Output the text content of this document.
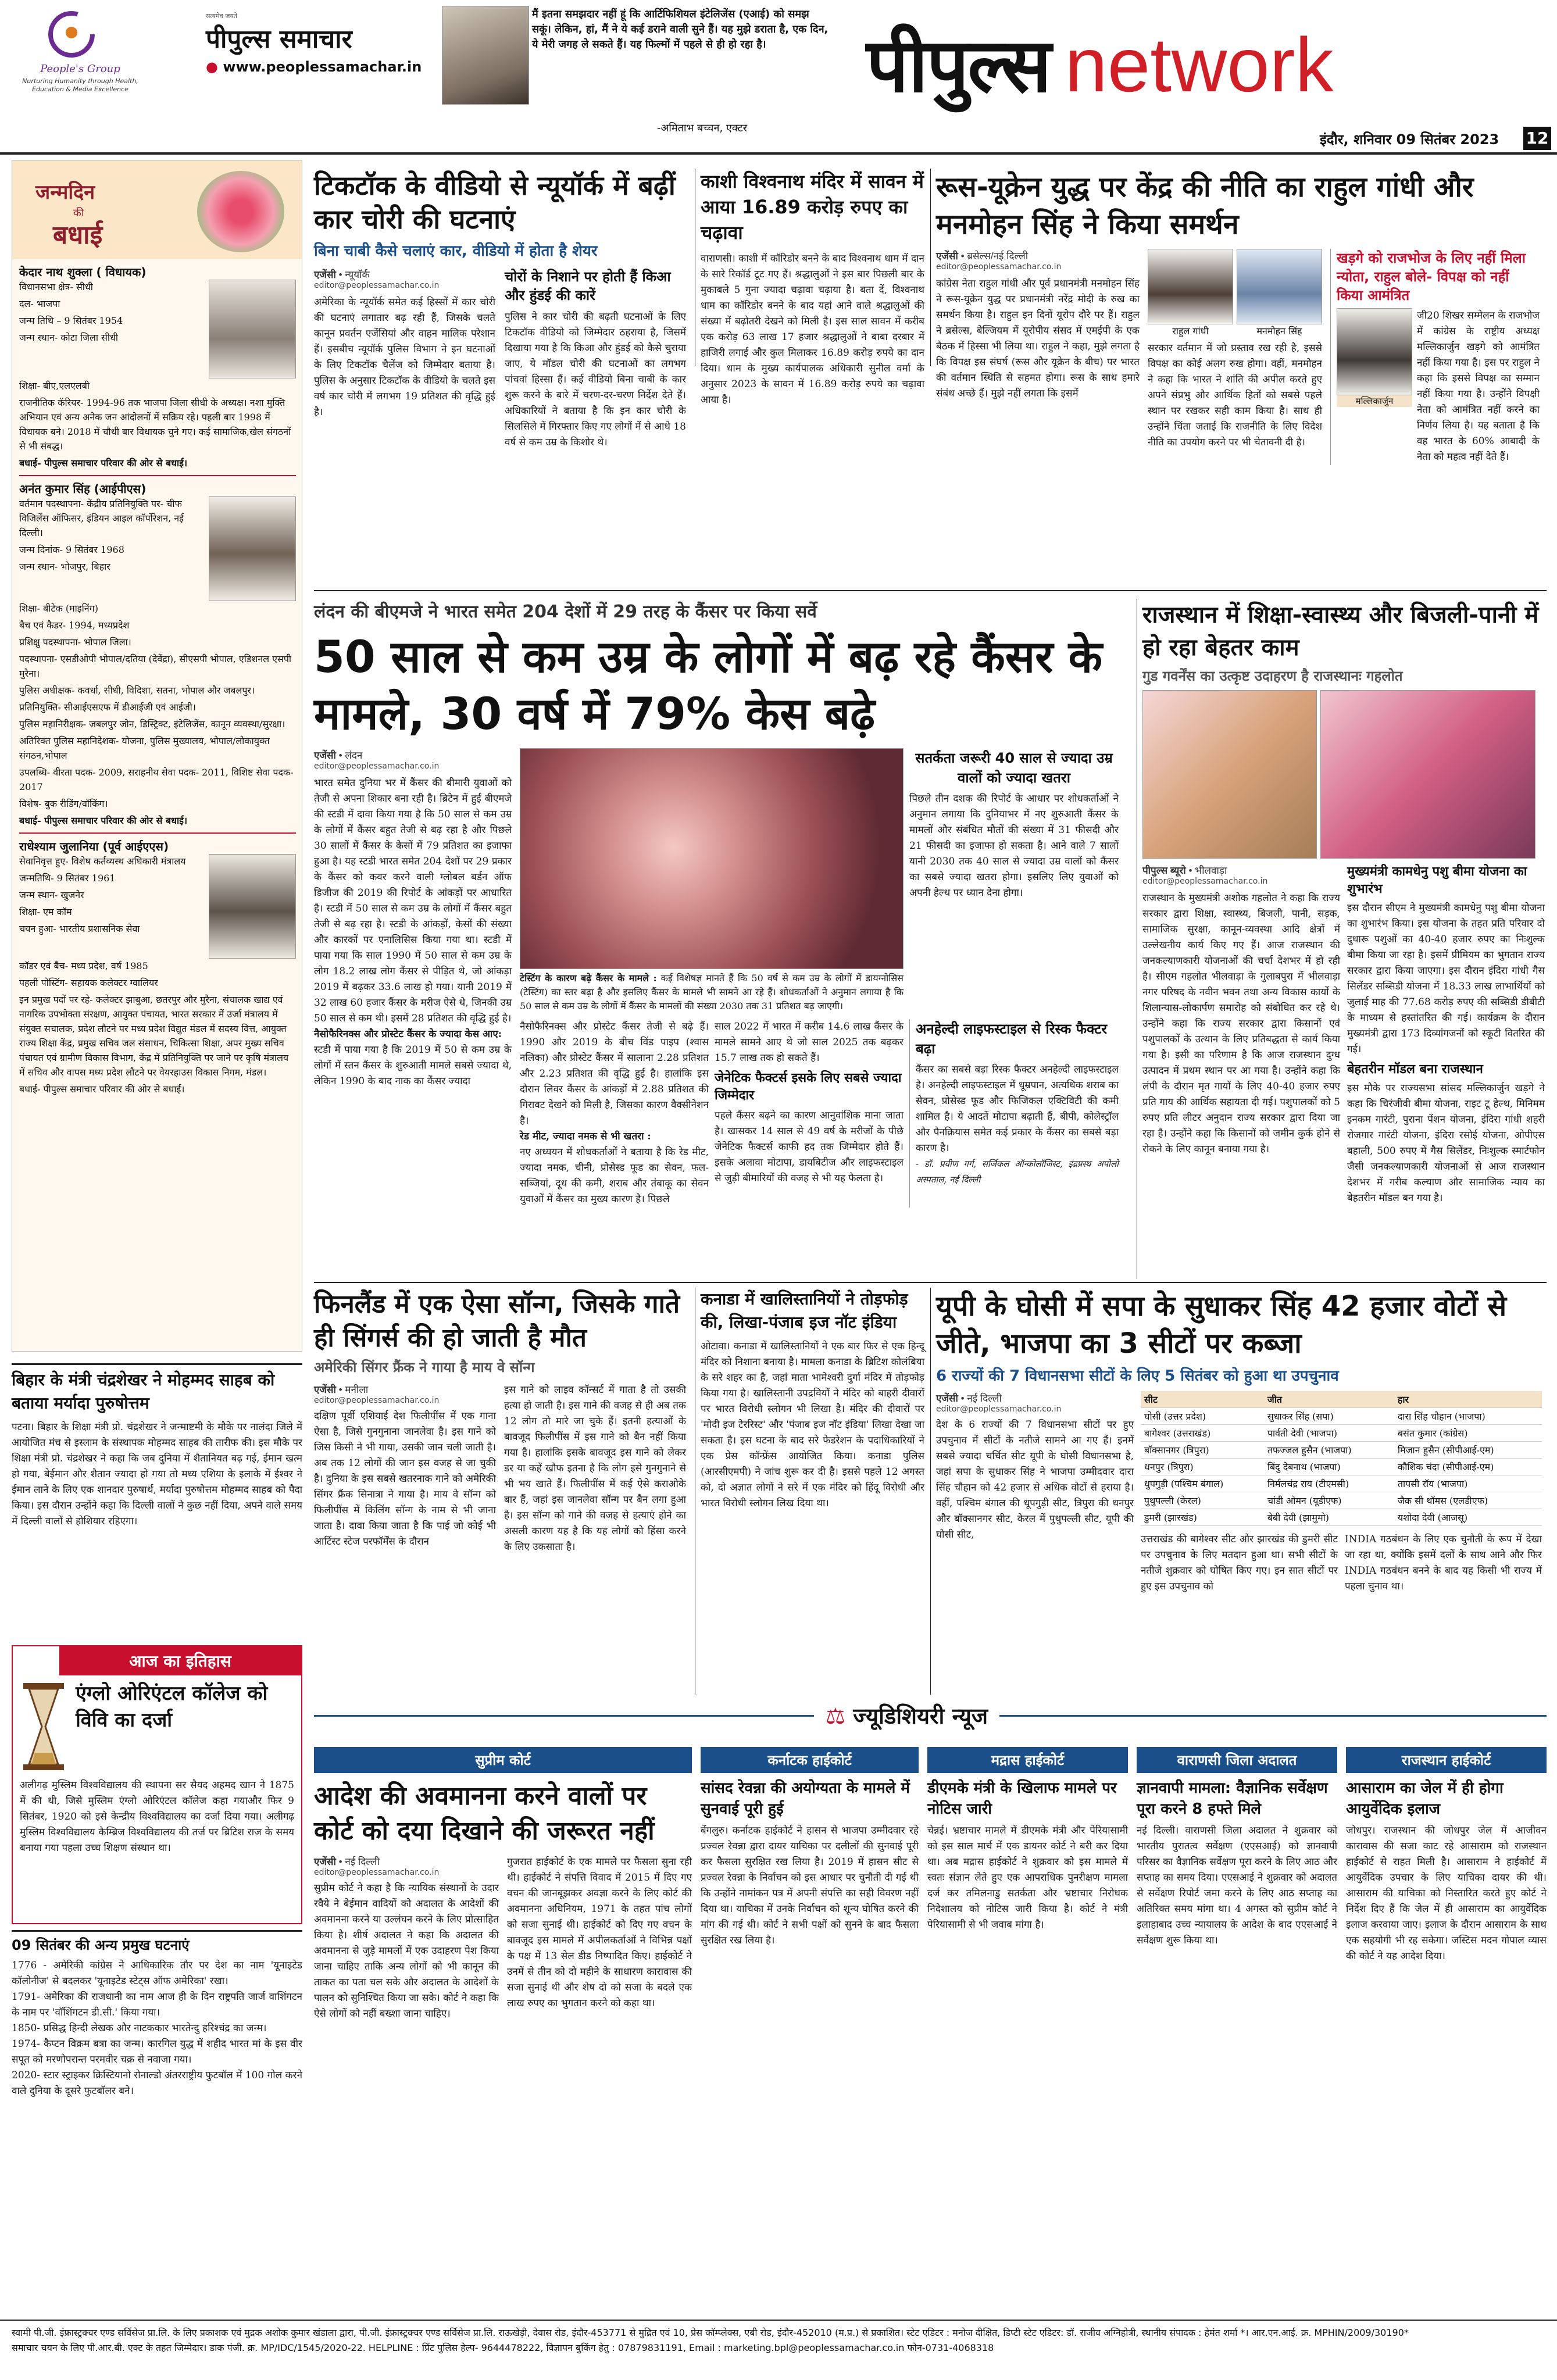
People's Group
Nurturing Humanity through Health, Education & Media Excellence
सत्यमेव जयते
पीपुल्स समाचार
● www.peoplessamachar.in
मैं इतना समझदार नहीं हूं कि आर्टिफिशियल इंटेलिजेंस (एआई) को समझ सकूं। लेकिन, हां, मैं ने ये कई डराने वाली सुने हैं। यह मुझे डराता है, एक दिन, ये मेरी जगह ले सकते हैं। यह फिल्मों में पहले से ही हो रहा है।
-अमिताभ बच्चन, एक्टर
पीपुल्स network
इंदौर, शनिवार 09 सितंबर 2023 12
जन्मदिन
की
बधाई
केदार नाथ शुक्ला ( विधायक)

विधानसभा क्षेत्र- सीधी

दल- भाजपा

जन्म तिथि – 9 सितंबर 1954

जन्म स्थान- कोटा जिला सीधी

शिक्षा- बीए,एलएलबी

राजनीतिक कॅरियर- 1994-96 तक भाजपा जिला सीधी के अध्यक्ष। नशा मुक्ति अभियान एवं अन्य अनेक जन आंदोलनों में सक्रिय रहे। पहली बार 1998 में विधायक बने। 2018 में चौथी बार विधायक चुने गए। कई सामाजिक,खेल संगठनों से भी संबद्ध।

बधाई- पीपुल्स समाचार परिवार की ओर से बधाई।

अनंत कुमार सिंह (आईपीएस)

वर्तमान पदस्थापना- केंद्रीय प्रतिनियुक्ति पर- चीफ विजिलेंस ऑफिसर, इंडियन आइल कॉर्पोरेशन, नई दिल्ली।

जन्म दिनांक- 9 सितंबर 1968

जन्म स्थान- भोजपुर, बिहार

शिक्षा- बीटेक (माइनिंग)

बैच एवं कैडर- 1994, मध्यप्रदेश

प्रशिक्षु पदस्थापना- भोपाल जिला।

पदस्थापना- एसडीओपी भोपाल/दतिया (देवेंद्रा), सीएसपी भोपाल, एडिशनल एसपी मुरैना।

पुलिस अधीक्षक- कवर्धा, सीधी, विदिशा, सतना, भोपाल और जबलपुर।

प्रतिनियुक्ति- सीआईएसएफ में डीआईजी एवं आईजी।

पुलिस महानिरीक्षक- जबलपुर जोन, डिस्ट्रिक्ट, इंटेलिजेंस, कानून व्यवस्था/सुरक्षा।

अतिरिक्त पुलिस महानिदेशक- योजना, पुलिस मुख्यालय, भोपाल/लोकायुक्त संगठन,भोपाल

उपलब्धि- वीरता पदक- 2009, सराहनीय सेवा पदक- 2011, विशिष्ट सेवा पदक- 2017

विशेष- बुक रीडिंग/वॉकिंग।

बधाई- पीपुल्स समाचार परिवार की ओर से बधाई।

राधेश्याम जुलानिया (पूर्व आईएएस)

सेवानिवृत्त हुए- विशेष कर्तव्यस्थ अधिकारी मंत्रालय

जन्मतिथि- 9 सितंबर 1961

जन्म स्थान- खुजनेर

शिक्षा- एम कॉम

चयन हुआ- भारतीय प्रशासनिक सेवा

कॉडर एवं बैच- मध्य प्रदेश, वर्ष 1985

पहली पोस्टिंग- सहायक कलेक्टर ग्वालियर

इन प्रमुख पदों पर रहे- कलेक्टर झाबुआ, छतरपुर और मुरैना, संचालक खाद्य एवं नागरिक उपभोक्ता संरक्षण, आयुक्त पंचायत, भारत सरकार में उर्जा मंत्रालय में संयुक्त सचालक, प्रदेश लौटने पर मध्य प्रदेश विद्युत मंडल में सदस्य वित्त, आयुक्त राज्य शिक्षा केंद्र, प्रमुख सचिव जल संसाधन, चिकित्सा शिक्षा, अपर मुख्य सचिव पंचायत एवं ग्रामीण विकास विभाग, केंद्र में प्रतिनियुक्ति पर जाने पर कृषि मंत्रालय में सचिव और वापस मध्य प्रदेश लौटने पर वेयरहाउस विकास निगम, मंडल।

बधाई- पीपुल्स समाचार परिवार की ओर से बधाई।

बिहार के मंत्री चंद्रशेखर ने मोहम्मद साहब को बताया मर्यादा पुरुषोत्तम
पटना। बिहार के शिक्षा मंत्री प्रो. चंद्रशेखर ने जन्माष्टमी के मौके पर नालंदा जिले में आयोजित मंच से इस्लाम के संस्थापक मोहम्मद साहब की तारीफ की। इस मौके पर शिक्षा मंत्री प्रो. चंद्रशेखर ने कहा कि जब दुनिया में शैतानियत बढ़ गई, ईमान खत्म हो गया, बेईमान और शैतान ज्यादा हो गया तो मध्य एशिया के इलाके में ईश्वर ने ईमान लाने के लिए एक शानदार पुरुषार्थ, मर्यादा पुरुषोत्तम मोहम्मद साहब को पैदा किया। इस दौरान उन्होंने कहा कि दिल्ली वालों ने कुछ नहीं दिया, अपने वाले समय में दिल्ली वालों से होशियार रहिएगा।
आज का इतिहास
एंग्लो ओरिएंटल कॉलेज को विवि का दर्जा
अलीगढ़ मुस्लिम विश्वविद्यालय की स्थापना सर सैयद अहमद खान ने 1875 में की थी, जिसे मुस्लिम एंग्लो ओरिएंटल कॉलेज कहा गयाऔर फिर 9 सितंबर, 1920 को इसे केन्द्रीय विश्वविद्यालय का दर्जा दिया गया। अलीगढ़ मुस्लिम विश्वविद्यालय कैम्ब्रिज विश्वविद्यालय की तर्ज पर ब्रिटिश राज के समय बनाया गया पहला उच्च शिक्षण संस्थान था।
09 सितंबर की अन्य प्रमुख घटनाएं
1776 - अमेरिकी कांग्रेस ने आधिकारिक तौर पर देश का नाम 'यूनाइटेड कॉलोनीज' से बदलकर 'यूनाइटेड स्टेट्स ऑफ अमेरिका' रखा।
1791- अमेरिका की राजधानी का नाम आज ही के दिन राष्ट्रपति जार्ज वाशिंगटन के नाम पर 'वॉशिंगटन डी.सी.' किया गया।
1850- प्रसिद्ध हिन्दी लेखक और नाटककार भारतेन्दु हरिश्चंद्र का जन्म।
1974- कैप्टन विक्रम बत्रा का जन्म। कारगिल युद्ध में शहीद भारत मां के इस वीर सपूत को मरणोपरान्त परमवीर चक्र से नवाजा गया।
2020- स्टार स्ट्राइकर क्रिस्टियानो रोनाल्डो अंतरराष्ट्रीय फुटबॉल में 100 गोल करने वाले दुनिया के दूसरे फुटबॉलर बने।
टिकटॉक के वीडियो से न्यूयॉर्क में बढ़ीं कार चोरी की घटनाएं
बिना चाबी कैसे चलाएं कार, वीडियो में होता है शेयर
एजेंसी • न्यूयॉर्क
editor@peoplessamachar.co.in
अमेरिका के न्यूयॉर्क समेत कई हिस्सों में कार चोरी की घटनाएं लगातार बढ़ रही हैं, जिसके चलते कानून प्रवर्तन एजेंसियां और वाहन मालिक परेशान हैं। इसबीच न्यूयॉर्क पुलिस विभाग ने इन घटनाओं के लिए टिकटॉक चैलेंज को जिम्मेदार बताया है। पुलिस के अनुसार टिकटॉक के वीडियो के चलते इस वर्ष कार चोरी में लगभग 19 प्रतिशत की वृद्धि हुई है।
चोरों के निशाने पर होती हैं किआ और हुंडई की कारें
पुलिस ने कार चोरी की बढ़ती घटनाओं के लिए टिकटॉक वीडियो को जिम्मेदार ठहराया है, जिसमें दिखाया गया है कि किआ और हुंडई को कैसे चुराया जाए, ये मॉडल चोरी की घटनाओं का लगभग पांचवां हिस्सा हैं। कई वीडियो बिना चाबी के कार शुरू करने के बारे में चरण-दर-चरण निर्देश देते हैं। अधिकारियों ने बताया है कि इन कार चोरी के सिलसिले में गिरफ्तार किए गए लोगों में से आधे 18 वर्ष से कम उम्र के किशोर थे।
काशी विश्वनाथ मंदिर में सावन में आया 16.89 करोड़ रुपए का चढ़ावा
वाराणसी। काशी में कॉरिडोर बनने के बाद विश्वनाथ धाम में दान के सारे रिकॉर्ड टूट गए हैं। श्रद्धालुओं ने इस बार पिछली बार के मुकाबले 5 गुना ज्यादा चढ़ावा चढ़ाया है। बता दें, विश्वनाथ धाम का कॉरिडोर बनने के बाद यहां आने वाले श्रद्धालुओं की संख्या में बढ़ोतरी देखने को मिली है। इस साल सावन में करीब एक करोड़ 63 लाख 17 हजार श्रद्धालुओं ने बाबा दरबार में हाजिरी लगाई और कुल मिलाकर 16.89 करोड़ रुपये का दान दिया। धाम के मुख्य कार्यपालक अधिकारी सुनील वर्मा के अनुसार 2023 के सावन में 16.89 करोड़ रुपये का चढ़ावा आया है।
रूस-यूक्रेन युद्ध पर केंद्र की नीति का राहुल गांधी और मनमोहन सिंह ने किया समर्थन
एजेंसी • ब्रसेल्स/नई दिल्ली
editor@peoplessamachar.co.in
कांग्रेस नेता राहुल गांधी और पूर्व प्रधानमंत्री मनमोहन सिंह ने रूस-यूक्रेन युद्ध पर प्रधानमंत्री नरेंद्र मोदी के रुख का समर्थन किया है। राहुल इन दिनों यूरोप दौरे पर हैं। राहुल ने ब्रसेल्स, बेल्जियम में यूरोपीय संसद में एमईपी के एक बैठक में हिस्सा भी लिया था। राहुल ने कहा, मुझे लगता है कि विपक्ष इस संघर्ष (रूस और यूक्रेन के बीच) पर भारत की वर्तमान स्थिति से सहमत होगा। रूस के साथ हमारे संबंध अच्छे हैं। मुझे नहीं लगता कि इसमें
राहुल गांधी	मनमोहन सिंह
सरकार वर्तमान में जो प्रस्ताव रख रही है, इससे विपक्ष का कोई अलग रुख होगा। वहीं, मनमोहन ने कहा कि भारत ने शांति की अपील करते हुए अपने संप्रभु और आर्थिक हितों को सबसे पहले स्थान पर रखकर सही काम किया है। साथ ही उन्होंने चिंता जताई कि राजनीति के लिए विदेश नीति का उपयोग करने पर भी चेतावनी दी है।
खड़गे को राजभोज के लिए नहीं मिला न्योता, राहुल बोले- विपक्ष को नहीं किया आमंत्रित
मल्लिकार्जुन
जी20 शिखर सम्मेलन के राजभोज में कांग्रेस के राष्ट्रीय अध्यक्ष मल्लिकार्जुन खड़गे को आमंत्रित नहीं किया गया है। इस पर राहुल ने कहा कि इससे विपक्ष का सम्मान नहीं किया गया है। उन्होंने विपक्षी नेता को आमंत्रित नहीं करने का निर्णय लिया है। यह बताता है कि वह भारत के 60% आबादी के नेता को महत्व नहीं देते हैं।
लंदन की बीएमजे ने भारत समेत 204 देशों में 29 तरह के कैंसर पर किया सर्वे
50 साल से कम उम्र के लोगों में बढ़ रहे कैंसर के मामले, 30 वर्ष में 79% केस बढ़े
एजेंसी • लंदन
editor@peoplessamachar.co.in
भारत समेत दुनिया भर में कैंसर की बीमारी युवाओं को तेजी से अपना शिकार बना रही है। ब्रिटेन में हुई बीएमजे की स्टडी में दावा किया गया है कि 50 साल से कम उम्र के लोगों में कैंसर बहुत तेजी से बढ़ रहा है और पिछले 30 सालों में कैंसर के केसों में 79 प्रतिशत का इजाफा हुआ है। यह स्टडी भारत समेत 204 देशों पर 29 प्रकार के कैंसर को कवर करने वाली ग्लोबल बर्डन ऑफ डिजीज की 2019 की रिपोर्ट के आंकड़ों पर आधारित है। स्टडी में 50 साल से कम उम्र के लोगों में कैंसर बहुत तेजी से बढ़ रहा है। स्टडी के आंकड़ों, केसों की संख्या और कारकों पर एनालिसिस किया गया था। स्टडी में पाया गया कि साल 1990 में 50 साल से कम उम्र के लोग 18.2 लाख लोग कैंसर से पीड़ित थे, जो आंकड़ा 2019 में बढ़कर 33.6 लाख हो गया। यानी 2019 में 32 लाख 60 हजार कैंसर के मरीज ऐसे थे, जिनकी उम्र 50 साल से कम थी। इसमें 28 प्रतिशत की वृद्धि हुई है।
नैसोफैरिनक्स और प्रोस्टेट कैंसर के ज्यादा केस आए:
स्टडी में पाया गया है कि 2019 में 50 से कम उम्र के लोगों में स्तन कैंसर के शुरुआती मामले सबसे ज्यादा थे, लेकिन 1990 के बाद नाक का कैंसर ज्यादा
टेस्टिंग के कारण बढ़े कैंसर के मामले : कई विशेषज्ञ मानते हैं कि 50 वर्ष से कम उम्र के लोगों में डायग्नोसिस (टेस्टिंग) का स्तर बढ़ा है और इसलिए कैंसर के मामले भी सामने आ रहे हैं। शोधकर्ताओं ने अनुमान लगाया है कि 50 साल से कम उम्र के लोगों में कैंसर के मामलों की संख्या 2030 तक 31 प्रतिशत बढ़ जाएगी।
सतर्कता जरूरी 40 साल से ज्यादा उम्र वालों को ज्यादा खतरा
पिछले तीन दशक की रिपोर्ट के आधार पर शोधकर्ताओं ने अनुमान लगाया कि दुनियाभर में नए शुरुआती कैंसर के मामलों और संबंधित मौतों की संख्या में 31 फीसदी और 21 फीसदी का इजाफा हो सकता है। आने वाले 7 सालों यानी 2030 तक 40 साल से ज्यादा उम्र वालों को कैंसर का सबसे ज्यादा खतरा होगा। इसलिए लिए युवाओं को अपनी हेल्थ पर ध्यान देना होगा।
नैसोफैरिनक्स और प्रोस्टेट कैंसर तेजी से बढ़े हैं। 1990 और 2019 के बीच विंड पाइप (श्वास नलिका) और प्रोस्टेट कैंसर में सालाना 2.28 प्रतिशत और 2.23 प्रतिशत की वृद्धि हुई है। हालांकि इस दौरान लिवर कैंसर के आंकड़ों में 2.88 प्रतिशत की गिरावट देखने को मिली है, जिसका कारण वैक्सीनेशन है।
रेड मीट, ज्यादा नमक से भी खतरा :
नए अध्ययन में शोधकर्ताओं ने बताया है कि रेड मीट, ज्यादा नमक, चीनी, प्रोसेस्ड फूड का सेवन, फल-सब्जियां, दूध की कमी, शराब और तंबाकू का सेवन युवाओं में कैंसर का मुख्य कारण है। पिछले
साल 2022 में भारत में करीब 14.6 लाख कैंसर के मामले सामने आए थे जो साल 2025 तक बढ़कर 15.7 लाख तक हो सकते हैं।
जेनेटिक फैक्टर्स इसके लिए सबसे ज्यादा जिम्मेदार
पहले कैंसर बढ़ने का कारण आनुवांशिक माना जाता है। खासकर 14 साल से 49 वर्ष के मरीजों के पीछे जेनेटिक फैक्टर्स काफी हद तक जिम्मेदार होते हैं। इसके अलावा मोटापा, डायबिटीज और लाइफस्टाइल से जुड़ी बीमारियों की वजह से भी यह फैलता है।
अनहेल्दी लाइफस्टाइल से रिस्क फैक्टर बढ़ा
कैंसर का सबसे बड़ा रिस्क फैक्टर अनहेल्दी लाइफस्टाइल है। अनहेल्दी लाइफस्टाइल में धूम्रपान, अत्यधिक शराब का सेवन, प्रोसेस्ड फूड और फिजिकल एक्टिविटी की कमी शामिल है। ये आदतें मोटापा बढ़ाती हैं, बीपी, कोलेस्ट्रॉल और पैनक्रियास समेत कई प्रकार के कैंसर का सबसे बड़ा कारण है।
- डॉ. प्रवीण गर्ग, सर्जिकल ऑन्कोलॉजिस्ट, इंद्रप्रस्थ अपोलो अस्पताल, नई दिल्ली
राजस्थान में शिक्षा-स्वास्थ्य और बिजली-पानी में हो रहा बेहतर काम
गुड गवर्नेंस का उत्कृष्ट उदाहरण है राजस्थानः गहलोत
पीपुल्स ब्यूरो • भीलवाड़ा
editor@peoplessamachar.co.in
राजस्थान के मुख्यमंत्री अशोक गहलोत ने कहा कि राज्य सरकार द्वारा शिक्षा, स्वास्थ्य, बिजली, पानी, सड़क, सामाजिक सुरक्षा, कानून-व्यवस्था आदि क्षेत्रों में उल्लेखनीय कार्य किए गए हैं। आज राजस्थान की जनकल्याणकारी योजनाओं की चर्चा देशभर में हो रही है। सीएम गहलोत भीलवाड़ा के गुलाबपुरा में भीलवाड़ा नगर परिषद के नवीन भवन तथा अन्य विकास कार्यों के शिलान्यास-लोकार्पण समारोह को संबोधित कर रहे थे। उन्होंने कहा कि राज्य सरकार द्वारा किसानों एवं पशुपालकों के उत्थान के लिए प्रतिबद्धता से कार्य किया गया है। इसी का परिणाम है कि आज राजस्थान दुग्ध उत्पादन में प्रथम स्थान पर आ गया है। उन्होंने कहा कि लंपी के दौरान मृत गायों के लिए 40-40 हजार रुपए प्रति गाय की आर्थिक सहायता दी गई। पशुपालकों को 5 रुपए प्रति लीटर अनुदान राज्य सरकार द्वारा दिया जा रहा है। उन्होंने कहा कि किसानों को जमीन कुर्क होने से रोकने के लिए कानून बनाया गया है।
मुख्यमंत्री कामधेनु पशु बीमा योजना का शुभारंभ
इस दौरान सीएम ने मुख्यमंत्री कामधेनु पशु बीमा योजना का शुभारंभ किया। इस योजना के तहत प्रति परिवार दो दुधारू पशुओं का 40-40 हजार रुपए का निःशुल्क बीमा किया जा रहा है। इसमें प्रीमियम का भुगतान राज्य सरकार द्वारा किया जाएगा। इस दौरान इंदिरा गांधी गैस सिलेंडर सब्सिडी योजना में 18.33 लाख लाभार्थियों को जुलाई माह की 77.68 करोड़ रुपए की सब्सिडी डीबीटी के माध्यम से हस्तांतरित की गई। कार्यक्रम के दौरान मुख्यमंत्री द्वारा 173 दिव्यांगजनों को स्कूटी वितरित की गई।
बेहतरीन मॉडल बना राजस्थान
इस मौके पर राज्यसभा सांसद मल्लिकार्जुन खड़गे ने कहा कि चिरंजीवी बीमा योजना, राइट टू हेल्थ, मिनिमम इनकम गारंटी, पुराना पेंशन योजना, इंदिरा गांधी शहरी रोजगार गारंटी योजना, इंदिरा रसोई योजना, ओपीएस बहाली, 500 रुपए में गैस सिलेंडर, निःशुल्क स्मार्टफोन जैसी जनकल्याणकारी योजनाओं से आज राजस्थान देशभर में गरीब कल्याण और सामाजिक न्याय का बेहतरीन मॉडल बन गया है।
फिनलैंड में एक ऐसा सॉन्ग, जिसके गाते ही सिंगर्स की हो जाती है मौत
अमेरिकी सिंगर फ्रैंक ने गाया है माय वे सॉन्ग
एजेंसी • मनीला
editor@peoplessamachar.co.in
दक्षिण पूर्वी एशियाई देश फिलीपींस में एक गाना ऐसा है, जिसे गुनगुनाना जानलेवा है। इस गाने को जिस किसी ने भी गाया, उसकी जान चली जाती है। अब तक 12 लोगों की जान इस वजह से जा चुकी है। दुनिया के इस सबसे खतरनाक गाने को अमेरिकी सिंगर फ्रैंक सिनात्रा ने गाया है। माय वे सॉन्ग को फिलीपींस में किलिंग सॉन्ग के नाम से भी जाना जाता है। दावा किया जाता है कि पाई जो कोई भी आर्टिस्ट स्टेज परफॉर्मेंस के दौरान
इस गाने को लाइव कॉन्सर्ट में गाता है तो उसकी हत्या हो जाती है। इस गाने की वजह से ही अब तक 12 लोग तो मारे जा चुके हैं। इतनी हत्याओं के बावजूद फिलीपींस में इस गाने को बैन नहीं किया गया है। हालांकि इसके बावजूद इस गाने को लेकर डर या कहें खौफ इतना है कि लोग इसे गुनगुनाने से भी भय खाते हैं। फिलीपींस में कई ऐसे कराओके बार हैं, जहां इस जानलेवा सॉन्ग पर बैन लगा हुआ है। इस सॉन्ग को गाने की वजह से हत्याएं होने का असली कारण यह है कि यह लोगों को हिंसा करने के लिए उकसाता है।
कनाडा में खालिस्तानियों ने तोड़फोड़ की, लिखा-पंजाब इज नॉट इंडिया
ओटावा। कनाडा में खालिस्तानियों ने एक बार फिर से एक हिन्दू मंदिर को निशाना बनाया है। मामला कनाडा के ब्रिटिश कोलंबिया के सरे शहर का है, जहां माता भामेश्वरी दुर्गा मंदिर में तोड़फोड़ किया गया है। खालिस्तानी उपद्रवियों ने मंदिर को बाहरी दीवारों पर भारत विरोधी स्लोगन भी लिखा है। मंदिर की दीवारों पर 'मोदी इज टेररिस्ट' और 'पंजाब इज नॉट इंडिया' लिखा देखा जा सकता है। इस घटना के बाद सरे फेडरेशन के पदाधिकारियों ने एक प्रेस कॉन्फ्रेंस आयोजित किया। कनाडा पुलिस (आरसीएमपी) ने जांच शुरू कर दी है। इससे पहले 12 अगस्त को, दो अज्ञात लोगों ने सरे में एक मंदिर को हिंदू विरोधी और भारत विरोधी स्लोगन लिख दिया था।
यूपी के घोसी में सपा के सुधाकर सिंह 42 हजार वोटों से जीते, भाजपा का 3 सीटों पर कब्जा
6 राज्यों की 7 विधानसभा सीटों के लिए 5 सितंबर को हुआ था उपचुनाव
एजेंसी • नई दिल्ली
editor@peoplessamachar.co.in
देश के 6 राज्यों की 7 विधानसभा सीटों पर हुए उपचुनाव में सीटों के नतीजे सामने आ गए हैं। इनमें सबसे ज्यादा चर्चित सीट यूपी के घोसी विधानसभा है, जहां सपा के सुधाकर सिंह ने भाजपा उम्मीदवार दारा सिंह चौहान को 42 हजार से अधिक वोटों से हराया है। वहीं, पश्चिम बंगाल की धूपगुड़ी सीट, त्रिपुरा की धनपुर और बॉक्सानगर सीट, केरल में पुथुपल्ली सीट, यूपी की घोसी सीट,
सीट	जीत	हार
घोसी (उत्तर प्रदेश)	सुधाकर सिंह (सपा)	दारा सिंह चौहान (भाजपा)
बागेश्वर (उत्तराखंड)	पार्वती देवी (भाजपा)	बसंत कुमार (कांग्रेस)
बॉक्सानगर (त्रिपुरा)	तफज्जल हुसैन (भाजपा)	मिजान हुसैन (सीपीआई-एम)
धनपुर (त्रिपुरा)	बिंदु देबनाथ (भाजपा)	कौशिक चंदा (सीपीआई-एम)
धुपगुड़ी (पश्चिम बंगाल)	निर्मलचंद्र राय (टीएमसी)	तापसी रॉय (भाजपा)
पुथुपल्ली (केरल)	चांडी ओमन (यूडीएफ)	जैक सी थॉमस (एलडीएफ)
डुमरी (झारखंड)	बेबी देवी (झामुमो)	यशोदा देवी (आजसू)
उत्तराखंड की बागेश्वर सीट और झारखंड की डुमरी सीट पर उपचुनाव के लिए मतदान हुआ था। सभी सीटों के नतीजे शुक्रवार को घोषित किए गए। इन सात सीटों पर हुए इस उपचुनाव को
INDIA गठबंधन के लिए एक चुनौती के रूप में देखा जा रहा था, क्योंकि इसमें दलों के साथ आने और फिर INDIA गठबंधन बनने के बाद यह किसी भी राज्य में पहला चुनाव था।
⚖ ज्यूडिशियरी न्यूज
सुप्रीम कोर्ट
आदेश की अवमानना करने वालों पर कोर्ट को दया दिखाने की जरूरत नहीं
एजेंसी • नई दिल्ली
editor@peoplessamachar.co.in
सुप्रीम कोर्ट ने कहा है कि न्यायिक संस्थानों के उदार रवैये ने बेईमान वादियों को अदालत के आदेशों की अवमानना करने या उल्लंघन करने के लिए प्रोत्साहित किया है। शीर्ष अदालत ने कहा कि अदालत की अवमानना से जुड़े मामलों में एक उदाहरण पेश किया जाना चाहिए ताकि अन्य लोगों को भी कानून की ताकत का पता चल सके और अदालत के आदेशों के पालन को सुनिश्चित किया जा सके। कोर्ट ने कहा कि ऐसे लोगों को नहीं बख्शा जाना चाहिए।
गुजरात हाईकोर्ट के एक मामले पर फैसला सुना रही थी। हाईकोर्ट ने संपत्ति विवाद में 2015 में दिए गए वचन की जानबूझकर अवज्ञा करने के लिए कोर्ट की अवमानना अधिनियम, 1971 के तहत पांच लोगों को सजा सुनाई थी। हाईकोर्ट को दिए गए वचन के बावजूद इस मामले में अपीलकर्ताओं ने विभिन्न पक्षों के पक्ष में 13 सेल डीड निष्पादित किए। हाईकोर्ट ने उनमें से तीन को दो महीने के साधारण कारावास की सजा सुनाई थी और शेष दो को सजा के बदले एक लाख रुपए का भुगतान करने को कहा था।
कर्नाटक हाईकोर्ट
सांसद रेवन्ना की अयोग्यता के मामले में सुनवाई पूरी हुई
बेंगलुरु। कर्नाटक हाईकोर्ट ने हासन से भाजपा उम्मीदवार रहे प्रज्वल रेवन्ना द्वारा दायर याचिका पर दलीलों की सुनवाई पूरी कर फैसला सुरक्षित रख लिया है। 2019 में हासन सीट से प्रज्वल रेवन्ना के निर्वाचन को इस आधार पर चुनौती दी गई थी कि उन्होंने नामांकन पत्र में अपनी संपत्ति का सही विवरण नहीं दिया था। याचिका में उनके निर्वाचन को शून्य घोषित करने की मांग की गई थी। कोर्ट ने सभी पक्षों को सुनने के बाद फैसला सुरक्षित रख लिया है।
मद्रास हाईकोर्ट
डीएमके मंत्री के खिलाफ मामले पर नोटिस जारी
चेन्नई। भ्रष्टाचार मामले में डीएमके मंत्री और पेरियासामी को इस साल मार्च में एक डायनर कोर्ट ने बरी कर दिया था। अब मद्रास हाईकोर्ट ने शुक्रवार को इस मामले में स्वतः संज्ञान लेते हुए एक आपराधिक पुनरीक्षण मामला दर्ज कर तमिलनाडु सतर्कता और भ्रष्टाचार निरोधक निदेशालय को नोटिस जारी किया है। कोर्ट ने मंत्री पेरियासामी से भी जवाब मांगा है।
वाराणसी जिला अदालत
ज्ञानवापी मामला: वैज्ञानिक सर्वेक्षण पूरा करने 8 हफ्ते मिले
नई दिल्ली। वाराणसी जिला अदालत ने शुक्रवार को भारतीय पुरातत्व सर्वेक्षण (एएसआई) को ज्ञानवापी परिसर का वैज्ञानिक सर्वेक्षण पूरा करने के लिए आठ और सप्ताह का समय दिया। एएसआई ने शुक्रवार को अदालत से सर्वेक्षण रिपोर्ट जमा करने के लिए आठ सप्ताह का अतिरिक्त समय मांगा था। 4 अगस्त को सुप्रीम कोर्ट ने इलाहाबाद उच्च न्यायालय के आदेश के बाद एएसआई ने सर्वेक्षण शुरू किया था।
राजस्थान हाईकोर्ट
आसाराम का जेल में ही होगा आयुर्वेदिक इलाज
जोधपुर। राजस्थान की जोधपुर जेल में आजीवन कारावास की सजा काट रहे आसाराम को राजस्थान हाईकोर्ट से राहत मिली है। आसाराम ने हाईकोर्ट में आयुर्वेदिक उपचार के लिए याचिका दायर की थी। आसाराम की याचिका को निस्तारित करते हुए कोर्ट ने निर्देश दिए हैं कि जेल में ही आसाराम का आयुर्वेदिक इलाज करवाया जाए। इलाज के दौरान आसाराम के साथ एक सहयोगी भी रह सकेगा। जस्टिस मदन गोपाल व्यास की कोर्ट ने यह आदेश दिया।
स्वामी पी.जी. इंफ्रास्ट्रक्चर एण्ड सर्विसेज प्रा.लि. के लिए प्रकाशक एवं मुद्रक अशोक कुमार खंडाला द्वारा, पी.जी. इंफ्रास्ट्रक्चर एण्ड सर्विसेज प्रा.लि. राऊखेड़ी, देवास रोड, इंदौर-453771 से मुद्रित एवं 10, प्रेस कॉम्प्लेक्स, एबी रोड, इंदौर-452010 (म.प्र.) से प्रकाशित। स्टेट एडिटर : मनोज दीक्षित, डिप्टी स्टेट एडिटर: डॉ. राजीव अग्निहोत्री, स्थानीय संपादक : हेमंत शर्मा *। आर.एन.आई. क्र. MPHIN/2009/30190*
समाचार चयन के लिए पी.आर.बी. एक्ट के तहत जिम्मेदार। डाक पंजी. क्र. MP/IDC/1545/2020-22. HELPLINE : प्रिंट पुलिस हेल्प- 9644478222, विज्ञापन बुकिंग हेतु : 07879831191, Email : marketing.bpl@peoplessamachar.co.in फोन-0731-4068318
